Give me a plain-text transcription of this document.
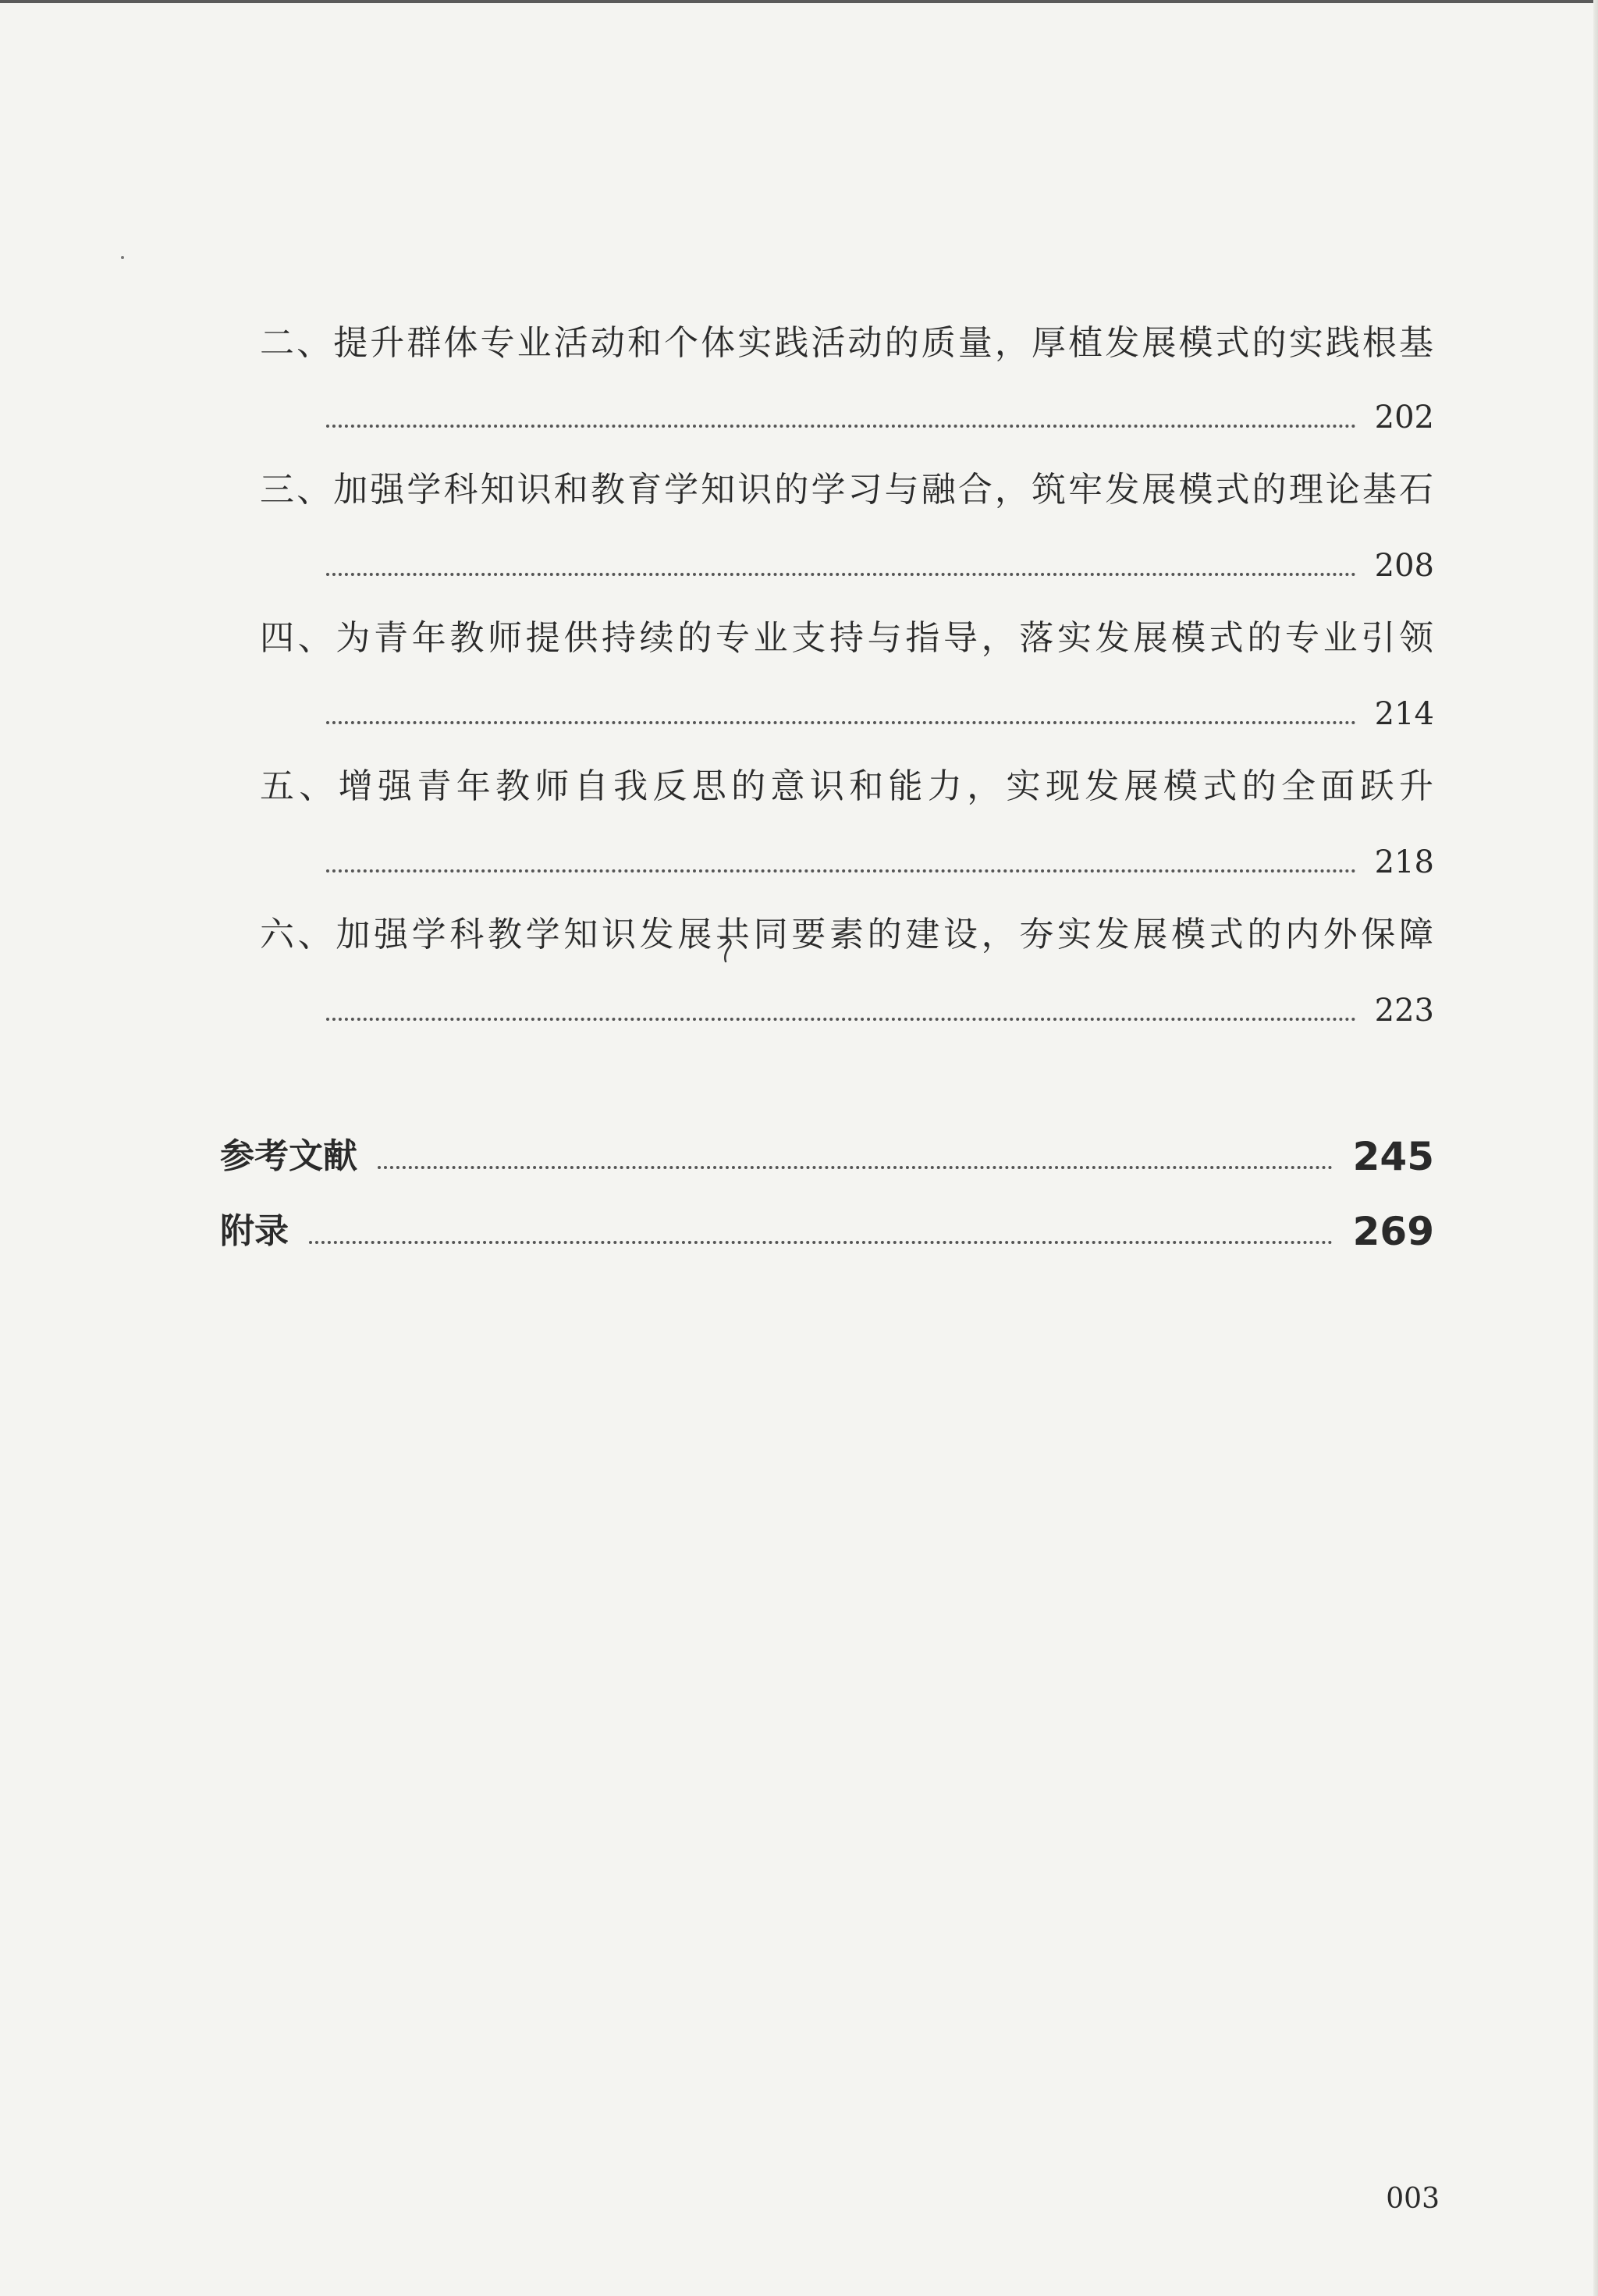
二、提升群体专业活动和个体实践活动的质量，厚植发展模式的实践根基
202
三、加强学科知识和教育学知识的学习与融合，筑牢发展模式的理论基石
208
四、为青年教师提供持续的专业支持与指导，落实发展模式的专业引领
214
五、增强青年教师自我反思的意识和能力，实现发展模式的全面跃升
218
六、加强学科教学知识发展共同要素的建设，夯实发展模式的内外保障
223
参考文献	245
附录	269
003
